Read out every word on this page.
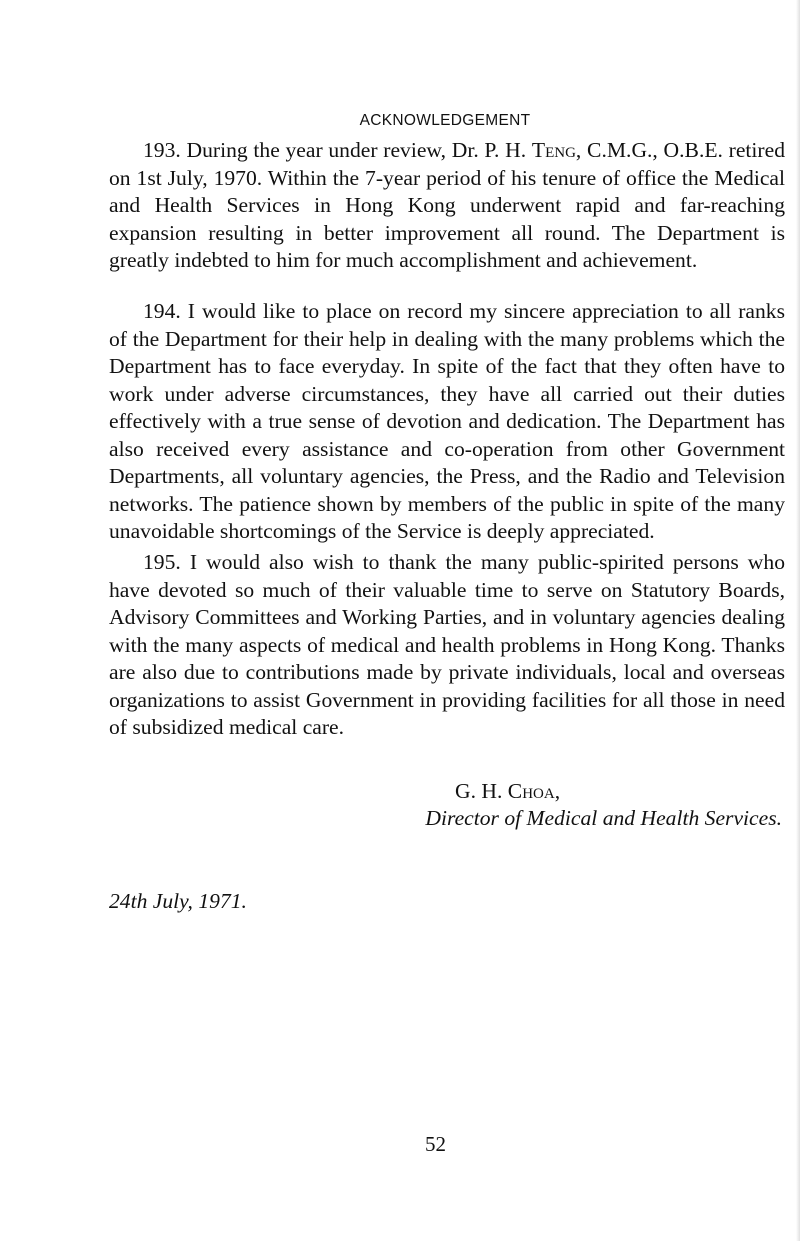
ACKNOWLEDGEMENT

193. During the year under review, Dr. P. H. Teng, C.M.G., O.B.E. retired on 1st July, 1970. Within the 7-year period of his tenure of office the Medical and Health Services in Hong Kong underwent rapid and far-reaching expansion resulting in better improvement all round. The Department is greatly indebted to him for much accomplishment and achievement.

194. I would like to place on record my sincere appreciation to all ranks of the Department for their help in dealing with the many problems which the Department has to face everyday. In spite of the fact that they often have to work under adverse circumstances, they have all carried out their duties effectively with a true sense of devotion and dedication. The Department has also received every assistance and co-operation from other Government Departments, all voluntary agencies, the Press, and the Radio and Television networks. The patience shown by members of the public in spite of the many unavoidable shortcomings of the Service is deeply appreciated.

195. I would also wish to thank the many public-spirited persons who have devoted so much of their valuable time to serve on Statutory Boards, Advisory Committees and Working Parties, and in voluntary agencies dealing with the many aspects of medical and health problems in Hong Kong. Thanks are also due to contributions made by private individuals, local and overseas organizations to assist Government in providing facilities for all those in need of subsidized medical care.

G. H. Choa,
Director of Medical and Health Services.
24th July, 1971.
52
